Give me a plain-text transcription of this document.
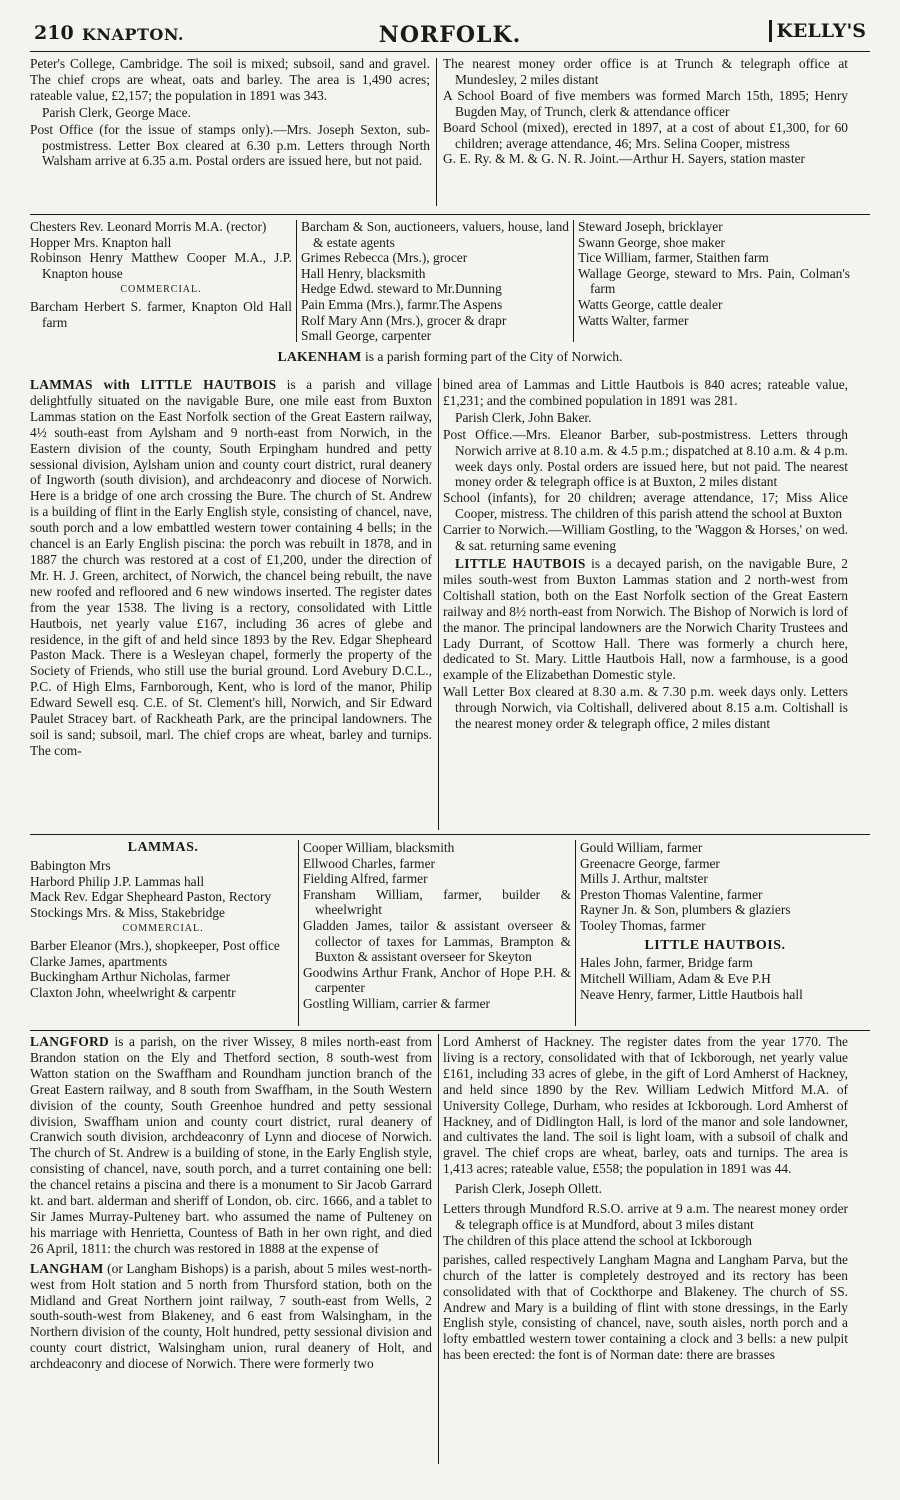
210 KNAPTON.	NORFOLK.	KELLY'S

Peter's College, Cambridge. The soil is mixed; subsoil, sand and gravel. The chief crops are wheat, oats and barley. The area is 1,490 acres; rateable value, £2,157; the population in 1891 was 343.

Parish Clerk, George Mace.

Post Office (for the issue of stamps only).—Mrs. Joseph Sexton, sub-postmistress. Letter Box cleared at 6.30 p.m. Letters through North Walsham arrive at 6.35 a.m. Postal orders are issued here, but not paid.

The nearest money order office is at Trunch & telegraph office at Mundesley, 2 miles distant

A School Board of five members was formed March 15th, 1895; Henry Bugden May, of Trunch, clerk & attendance officer

Board School (mixed), erected in 1897, at a cost of about £1,300, for 60 children; average attendance, 46; Mrs. Selina Cooper, mistress

G. E. Ry. & M. & G. N. R. Joint.—Arthur H. Sayers, station master

Chesters Rev. Leonard Morris M.A. (rector)

Hopper Mrs. Knapton hall

Robinson Henry Matthew Cooper M.A., J.P. Knapton house

COMMERCIAL.

Barcham Herbert S. farmer, Knapton Old Hall farm

Barcham & Son, auctioneers, valuers, house, land & estate agents

Grimes Rebecca (Mrs.), grocer

Hall Henry, blacksmith

Hedge Edwd. steward to Mr.Dunning

Pain Emma (Mrs.), farmr.The Aspens

Rolf Mary Ann (Mrs.), grocer & drapr

Small George, carpenter

Steward Joseph, bricklayer

Swann George, shoe maker

Tice William, farmer, Staithen farm

Wallage George, steward to Mrs. Pain, Colman's farm

Watts George, cattle dealer

Watts Walter, farmer

LAKENHAM is a parish forming part of the City of Norwich.

LAMMAS with LITTLE HAUTBOIS is a parish and village delightfully situated on the navigable Bure, one mile east from Buxton Lammas station on the East Norfolk section of the Great Eastern railway, 4½ south-east from Aylsham and 9 north-east from Norwich, in the Eastern division of the county, South Erpingham hundred and petty sessional division, Aylsham union and county court district, rural deanery of Ingworth (south division), and archdeaconry and diocese of Norwich. Here is a bridge of one arch crossing the Bure. The church of St. Andrew is a building of flint in the Early English style, consisting of chancel, nave, south porch and a low embattled western tower containing 4 bells; in the chancel is an Early English piscina: the porch was rebuilt in 1878, and in 1887 the church was restored at a cost of £1,200, under the direction of Mr. H. J. Green, architect, of Norwich, the chancel being rebuilt, the nave new roofed and refloored and 6 new windows inserted. The register dates from the year 1538. The living is a rectory, consolidated with Little Hautbois, net yearly value £167, including 36 acres of glebe and residence, in the gift of and held since 1893 by the Rev. Edgar Shepheard Paston Mack. There is a Wesleyan chapel, formerly the property of the Society of Friends, who still use the burial ground. Lord Avebury D.C.L., P.C. of High Elms, Farnborough, Kent, who is lord of the manor, Philip Edward Sewell esq. C.E. of St. Clement's hill, Norwich, and Sir Edward Paulet Stracey bart. of Rackheath Park, are the principal landowners. The soil is sand; subsoil, marl. The chief crops are wheat, barley and turnips. The com-

bined area of Lammas and Little Hautbois is 840 acres; rateable value, £1,231; and the combined population in 1891 was 281.

Parish Clerk, John Baker.

Post Office.—Mrs. Eleanor Barber, sub-postmistress. Letters through Norwich arrive at 8.10 a.m. & 4.5 p.m.; dispatched at 8.10 a.m. & 4 p.m. week days only. Postal orders are issued here, but not paid. The nearest money order & telegraph office is at Buxton, 2 miles distant

School (infants), for 20 children; average attendance, 17; Miss Alice Cooper, mistress. The children of this parish attend the school at Buxton

Carrier to Norwich.—William Gostling, to the 'Waggon & Horses,' on wed. & sat. returning same evening

LITTLE HAUTBOIS is a decayed parish, on the navigable Bure, 2 miles south-west from Buxton Lammas station and 2 north-west from Coltishall station, both on the East Norfolk section of the Great Eastern railway and 8½ north-east from Norwich. The Bishop of Norwich is lord of the manor. The principal landowners are the Norwich Charity Trustees and Lady Durrant, of Scottow Hall. There was formerly a church here, dedicated to St. Mary. Little Hautbois Hall, now a farmhouse, is a good example of the Elizabethan Domestic style.

Wall Letter Box cleared at 8.30 a.m. & 7.30 p.m. week days only. Letters through Norwich, via Coltishall, delivered about 8.15 a.m. Coltishall is the nearest money order & telegraph office, 2 miles distant

LAMMAS.

Babington Mrs

Harbord Philip J.P. Lammas hall

Mack Rev. Edgar Shepheard Paston, Rectory

Stockings Mrs. & Miss, Stakebridge

COMMERCIAL.

Barber Eleanor (Mrs.), shopkeeper, Post office

Clarke James, apartments

Buckingham Arthur Nicholas, farmer

Claxton John, wheelwright & carpentr

Cooper William, blacksmith

Ellwood Charles, farmer

Fielding Alfred, farmer

Fransham William, farmer, builder & wheelwright

Gladden James, tailor & assistant overseer & collector of taxes for Lammas, Brampton & Buxton & assistant overseer for Skeyton

Goodwins Arthur Frank, Anchor of Hope P.H. & carpenter

Gostling William, carrier & farmer

Gould William, farmer

Greenacre George, farmer

Mills J. Arthur, maltster

Preston Thomas Valentine, farmer

Rayner Jn. & Son, plumbers & glaziers

Tooley Thomas, farmer

LITTLE HAUTBOIS.

Hales John, farmer, Bridge farm

Mitchell William, Adam & Eve P.H

Neave Henry, farmer, Little Hautbois hall

LANGFORD is a parish, on the river Wissey, 8 miles north-east from Brandon station on the Ely and Thetford section, 8 south-west from Watton station on the Swaffham and Roundham junction branch of the Great Eastern railway, and 8 south from Swaffham, in the South Western division of the county, South Greenhoe hundred and petty sessional division, Swaffham union and county court district, rural deanery of Cranwich south division, archdeaconry of Lynn and diocese of Norwich. The church of St. Andrew is a building of stone, in the Early English style, consisting of chancel, nave, south porch, and a turret containing one bell: the chancel retains a piscina and there is a monument to Sir Jacob Garrard kt. and bart. alderman and sheriff of London, ob. circ. 1666, and a tablet to Sir James Murray-Pulteney bart. who assumed the name of Pulteney on his marriage with Henrietta, Countess of Bath in her own right, and died 26 April, 1811: the church was restored in 1888 at the expense of

LANGHAM (or Langham Bishops) is a parish, about 5 miles west-north-west from Holt station and 5 north from Thursford station, both on the Midland and Great Northern joint railway, 7 south-east from Wells, 2 south-south-west from Blakeney, and 6 east from Walsingham, in the Northern division of the county, Holt hundred, petty sessional division and county court district, Walsingham union, rural deanery of Holt, and archdeaconry and diocese of Norwich. There were formerly two

Lord Amherst of Hackney. The register dates from the year 1770. The living is a rectory, consolidated with that of Ickborough, net yearly value £161, including 33 acres of glebe, in the gift of Lord Amherst of Hackney, and held since 1890 by the Rev. William Ledwich Mitford M.A. of University College, Durham, who resides at Ickborough. Lord Amherst of Hackney, and of Didlington Hall, is lord of the manor and sole landowner, and cultivates the land. The soil is light loam, with a subsoil of chalk and gravel. The chief crops are wheat, barley, oats and turnips. The area is 1,413 acres; rateable value, £558; the population in 1891 was 44.

Parish Clerk, Joseph Ollett.

Letters through Mundford R.S.O. arrive at 9 a.m. The nearest money order & telegraph office is at Mundford, about 3 miles distant

The children of this place attend the school at Ickborough

parishes, called respectively Langham Magna and Langham Parva, but the church of the latter is completely destroyed and its rectory has been consolidated with that of Cockthorpe and Blakeney. The church of SS. Andrew and Mary is a building of flint with stone dressings, in the Early English style, consisting of chancel, nave, south aisles, north porch and a lofty embattled western tower containing a clock and 3 bells: a new pulpit has been erected: the font is of Norman date: there are brasses
